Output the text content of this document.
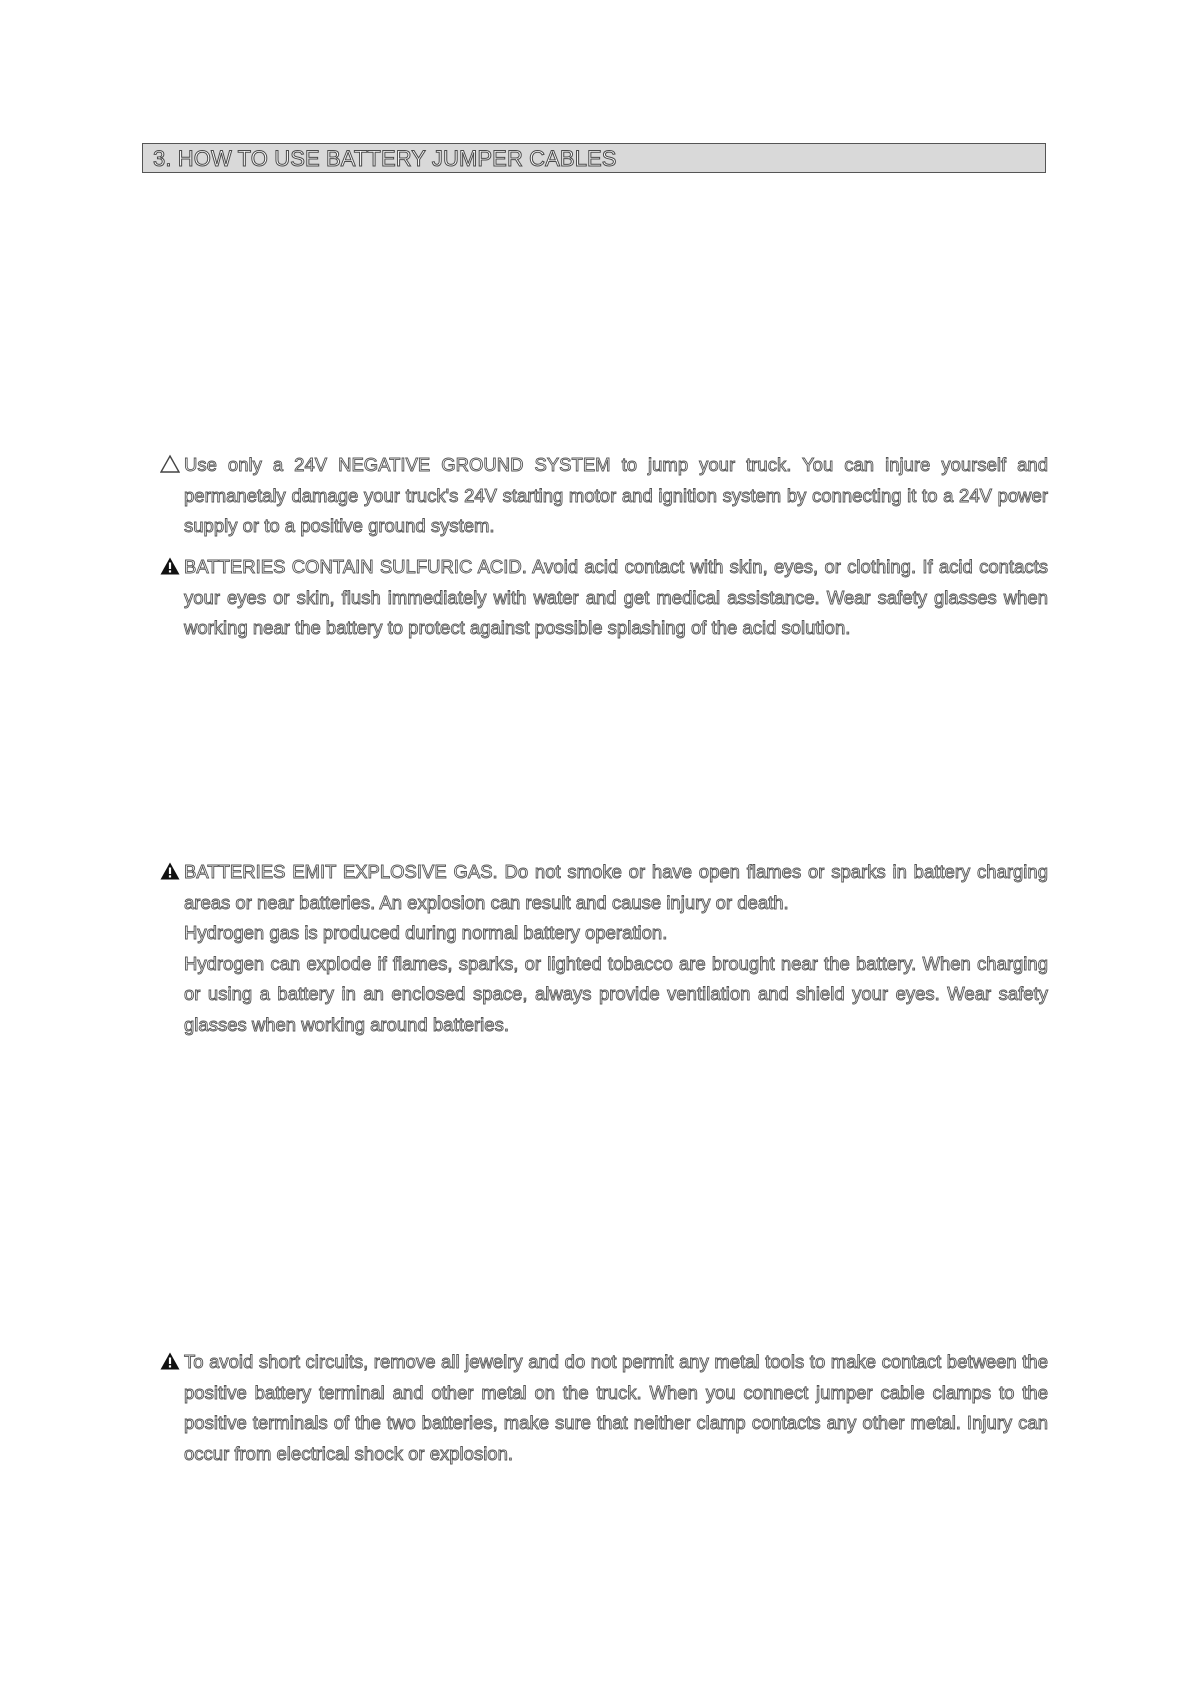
3. HOW TO USE BATTERY JUMPER CABLES

Use only a 24V NEGATIVE GROUND SYSTEM to jump your truck. You can injure yourself and permanetaly damage your truck's 24V starting motor and ignition system by connecting it to a 24V power supply or to a positive ground system.

BATTERIES CONTAIN SULFURIC ACID. Avoid acid contact with skin, eyes, or clothing. If acid contacts your eyes or skin, flush immediately with water and get medical assistance. Wear safety glasses when working near the battery to protect against possible splashing of the acid solution.

BATTERIES EMIT EXPLOSIVE GAS. Do not smoke or have open flames or sparks in battery charging areas or near batteries. An explosion can result and cause injury or death.

Hydrogen gas is produced during normal battery operation.

Hydrogen can explode if flames, sparks, or lighted tobacco are brought near the battery. When charging or using a battery in an enclosed space, always provide ventilation and shield your eyes. Wear safety glasses when working around batteries.

To avoid short circuits, remove all jewelry and do not permit any metal tools to make contact between the positive battery terminal and other metal on the truck. When you connect jumper cable clamps to the positive terminals of the two batteries, make sure that neither clamp contacts any other metal. Injury can occur from electrical shock or explosion.
